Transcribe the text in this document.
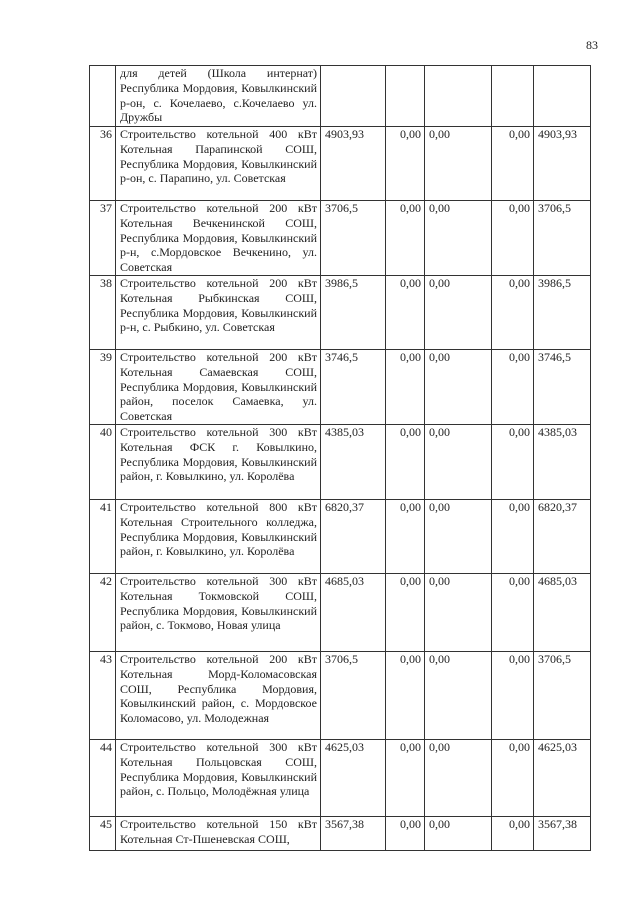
83
	для детей (Школа интернат) Республика Мордовия, Ковылкинский р-он, с. Кочелаево, с.Кочелаево ул. Дружбы					
36	Строительство котельной 400 кВт Котельная Парапинской СОШ, Республика Мордовия, Ковылкинский р-он, с. Парапино, ул. Советская	4903,93	0,00	0,00	0,00	4903,93
37	Строительство котельной 200 кВт Котельная Вечкенинской СОШ, Республика Мордовия, Ковылкинский р-н, с.Мордовское Вечкенино, ул. Советская	3706,5	0,00	0,00	0,00	3706,5
38	Строительство котельной 200 кВт Котельная Рыбкинская СОШ, Республика Мордовия, Ковылкинский р-н, с. Рыбкино, ул. Советская	3986,5	0,00	0,00	0,00	3986,5
39	Строительство котельной 200 кВт Котельная Самаевская СОШ, Республика Мордовия, Ковылкинский район, поселок Самаевка, ул. Советская	3746,5	0,00	0,00	0,00	3746,5
40	Строительство котельной 300 кВт Котельная ФСК г. Ковылкино, Республика Мордовия, Ковылкинский район, г. Ковылкино, ул. Королёва	4385,03	0,00	0,00	0,00	4385,03
41	Строительство котельной 800 кВт Котельная Строительного колледжа, Республика Мордовия, Ковылкинский район, г. Ковылкино, ул. Королёва	6820,37	0,00	0,00	0,00	6820,37
42	Строительство котельной 300 кВт Котельная Токмовской СОШ, Республика Мордовия, Ковылкинский район, с. Токмово, Новая улица	4685,03	0,00	0,00	0,00	4685,03
43	Строительство котельной 200 кВт Котельная Морд-Коломасовская СОШ, Республика Мордовия, Ковылкинский район, с. Мордовское Коломасово, ул. Молодежная	3706,5	0,00	0,00	0,00	3706,5
44	Строительство котельной 300 кВт Котельная Польцовская СОШ, Республика Мордовия, Ковылкинский район, с. Польцо, Молодёжная улица	4625,03	0,00	0,00	0,00	4625,03
45	Строительство котельной 150 кВт Котельная Ст-Пшеневская СОШ,	3567,38	0,00	0,00	0,00	3567,38
